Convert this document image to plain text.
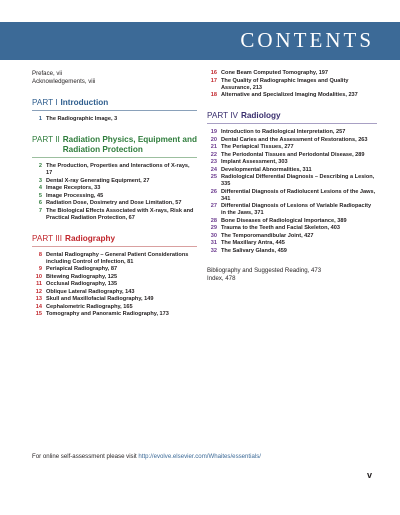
CONTENTS
Preface, vii
Acknowledgements, viii
PART I Introduction
1 The Radiographic Image, 3
PART II Radiation Physics, Equipment and Radiation Protection
2 The Production, Properties and Interactions of X-rays, 17
3 Dental X-ray Generating Equipment, 27
4 Image Receptors, 33
5 Image Processing, 45
6 Radiation Dose, Dosimetry and Dose Limitation, 57
7 The Biological Effects Associated with X-rays, Risk and Practical Radiation Protection, 67
PART III Radiography
8 Dental Radiography – General Patient Considerations including Control of Infection, 81
9 Periapical Radiography, 87
10 Bitewing Radiography, 125
11 Occlusal Radiography, 135
12 Oblique Lateral Radiography, 143
13 Skull and Maxillofacial Radiography, 149
14 Cephalometric Radiography, 165
15 Tomography and Panoramic Radiography, 173
16 Cone Beam Computed Tomography, 197
17 The Quality of Radiographic Images and Quality Assurance, 213
18 Alternative and Specialized Imaging Modalities, 237
PART IV Radiology
19 Introduction to Radiological Interpretation, 257
20 Dental Caries and the Assessment of Restorations, 263
21 The Periapical Tissues, 277
22 The Periodontal Tissues and Periodontal Disease, 289
23 Implant Assessment, 303
24 Developmental Abnormalities, 311
25 Radiological Differential Diagnosis – Describing a Lesion, 335
26 Differential Diagnosis of Radiolucent Lesions of the Jaws, 341
27 Differential Diagnosis of Lesions of Variable Radiopacity in the Jaws, 371
28 Bone Diseases of Radiological Importance, 389
29 Trauma to the Teeth and Facial Skeleton, 403
30 The Temporomandibular Joint, 427
31 The Maxillary Antra, 445
32 The Salivary Glands, 459
Bibliography and Suggested Reading, 473
Index, 478
For online self-assessment please visit http://evolve.elsevier.com/Whaites/essentials/
v
